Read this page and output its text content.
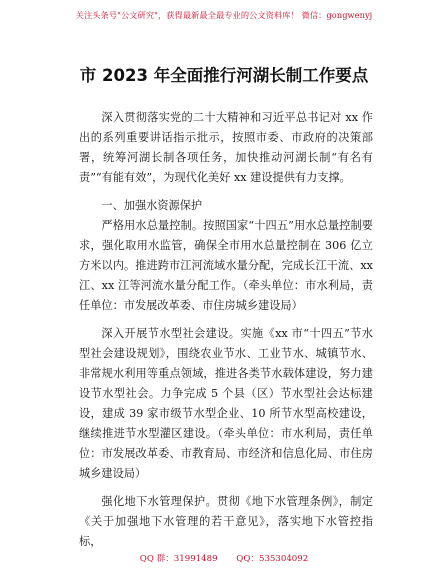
关注头条号"公文研究"，获得最新最全最专业的公文资料库！ 微信：gongwenyj
市 2023 年全面推行河湖长制工作要点

深入贯彻落实党的二十大精神和习近平总书记对 xx 作出的系列重要讲话指示批示，按照市委、市政府的决策部署，统筹河湖长制各项任务，加快推动河湖长制“有名有责”“有能有效”，为现代化美好 xx 建设提供有力支撑。

一、加强水资源保护

严格用水总量控制。按照国家“十四五”用水总量控制要求，强化取用水监管，确保全市用水总量控制在 306 亿立方米以内。推进跨市江河流域水量分配，完成长江干流、xx 江、xx 江等河流水量分配工作。（牵头单位：市水利局，责任单位：市发展改革委、市住房城乡建设局）

深入开展节水型社会建设。实施《xx 市“十四五”节水型社会建设规划》，围绕农业节水、工业节水、城镇节水、非常规水利用等重点领域，推进各类节水载体建设，努力建设节水型社会。力争完成 5 个县（区）节水型社会达标建设，建成 39 家市级节水型企业、10 所节水型高校建设，继续推进节水型灌区建设。（牵头单位：市水利局，责任单位：市发展改革委、市教育局、市经济和信息化局、市住房城乡建设局）

强化地下水管理保护。贯彻《地下水管理条例》，制定《关于加强地下水管理的若干意见》，落实地下水管控指标，

QQ 群：31991489 QQ：535304092
